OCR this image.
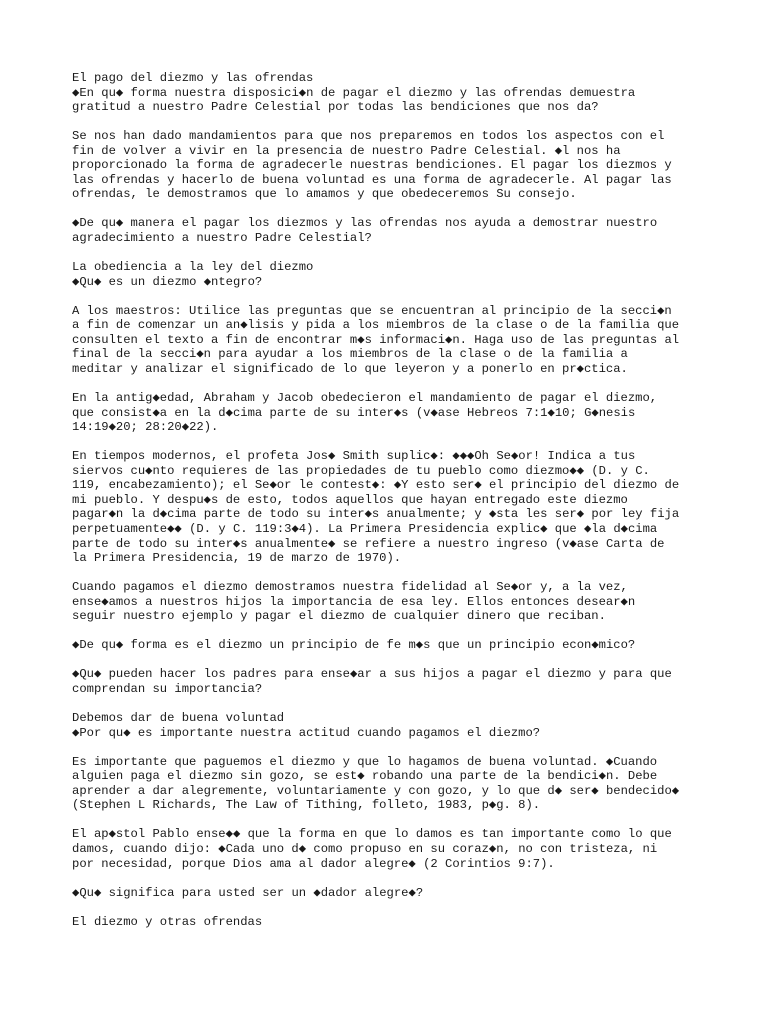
El pago del diezmo y las ofrendas
◆En qu◆ forma nuestra disposici◆n de pagar el diezmo y las ofrendas demuestra
gratitud a nuestro Padre Celestial por todas las bendiciones que nos da?

Se nos han dado mandamientos para que nos preparemos en todos los aspectos con el
fin de volver a vivir en la presencia de nuestro Padre Celestial. ◆l nos ha
proporcionado la forma de agradecerle nuestras bendiciones. El pagar los diezmos y
las ofrendas y hacerlo de buena voluntad es una forma de agradecerle. Al pagar las
ofrendas, le demostramos que lo amamos y que obedeceremos Su consejo.

◆De qu◆ manera el pagar los diezmos y las ofrendas nos ayuda a demostrar nuestro
agradecimiento a nuestro Padre Celestial?

La obediencia a la ley del diezmo
◆Qu◆ es un diezmo ◆ntegro?

A los maestros: Utilice las preguntas que se encuentran al principio de la secci◆n
a fin de comenzar un an◆lisis y pida a los miembros de la clase o de la familia que
consulten el texto a fin de encontrar m◆s informaci◆n. Haga uso de las preguntas al
final de la secci◆n para ayudar a los miembros de la clase o de la familia a
meditar y analizar el significado de lo que leyeron y a ponerlo en pr◆ctica.

En la antig◆edad, Abraham y Jacob obedecieron el mandamiento de pagar el diezmo,
que consist◆a en la d◆cima parte de su inter◆s (v◆ase Hebreos 7:1◆10; G◆nesis
14:19◆20; 28:20◆22).

En tiempos modernos, el profeta Jos◆ Smith suplic◆: ◆◆◆Oh Se◆or! Indica a tus
siervos cu◆nto requieres de las propiedades de tu pueblo como diezmo◆◆ (D. y C.
119, encabezamiento); el Se◆or le contest◆: ◆Y esto ser◆ el principio del diezmo de
mi pueblo. Y despu◆s de esto, todos aquellos que hayan entregado este diezmo
pagar◆n la d◆cima parte de todo su inter◆s anualmente; y ◆sta les ser◆ por ley fija
perpetuamente◆◆ (D. y C. 119:3◆4). La Primera Presidencia explic◆ que ◆la d◆cima
parte de todo su inter◆s anualmente◆ se refiere a nuestro ingreso (v◆ase Carta de
la Primera Presidencia, 19 de marzo de 1970).

Cuando pagamos el diezmo demostramos nuestra fidelidad al Se◆or y, a la vez,
ense◆amos a nuestros hijos la importancia de esa ley. Ellos entonces desear◆n
seguir nuestro ejemplo y pagar el diezmo de cualquier dinero que reciban.

◆De qu◆ forma es el diezmo un principio de fe m◆s que un principio econ◆mico?

◆Qu◆ pueden hacer los padres para ense◆ar a sus hijos a pagar el diezmo y para que
comprendan su importancia?

Debemos dar de buena voluntad
◆Por qu◆ es importante nuestra actitud cuando pagamos el diezmo?

Es importante que paguemos el diezmo y que lo hagamos de buena voluntad. ◆Cuando
alguien paga el diezmo sin gozo, se est◆ robando una parte de la bendici◆n. Debe
aprender a dar alegremente, voluntariamente y con gozo, y lo que d◆ ser◆ bendecido◆
(Stephen L Richards, The Law of Tithing, folleto, 1983, p◆g. 8).

El ap◆stol Pablo ense◆◆ que la forma en que lo damos es tan importante como lo que
damos, cuando dijo: ◆Cada uno d◆ como propuso en su coraz◆n, no con tristeza, ni
por necesidad, porque Dios ama al dador alegre◆ (2 Corintios 9:7).

◆Qu◆ significa para usted ser un ◆dador alegre◆?

El diezmo y otras ofrendas
